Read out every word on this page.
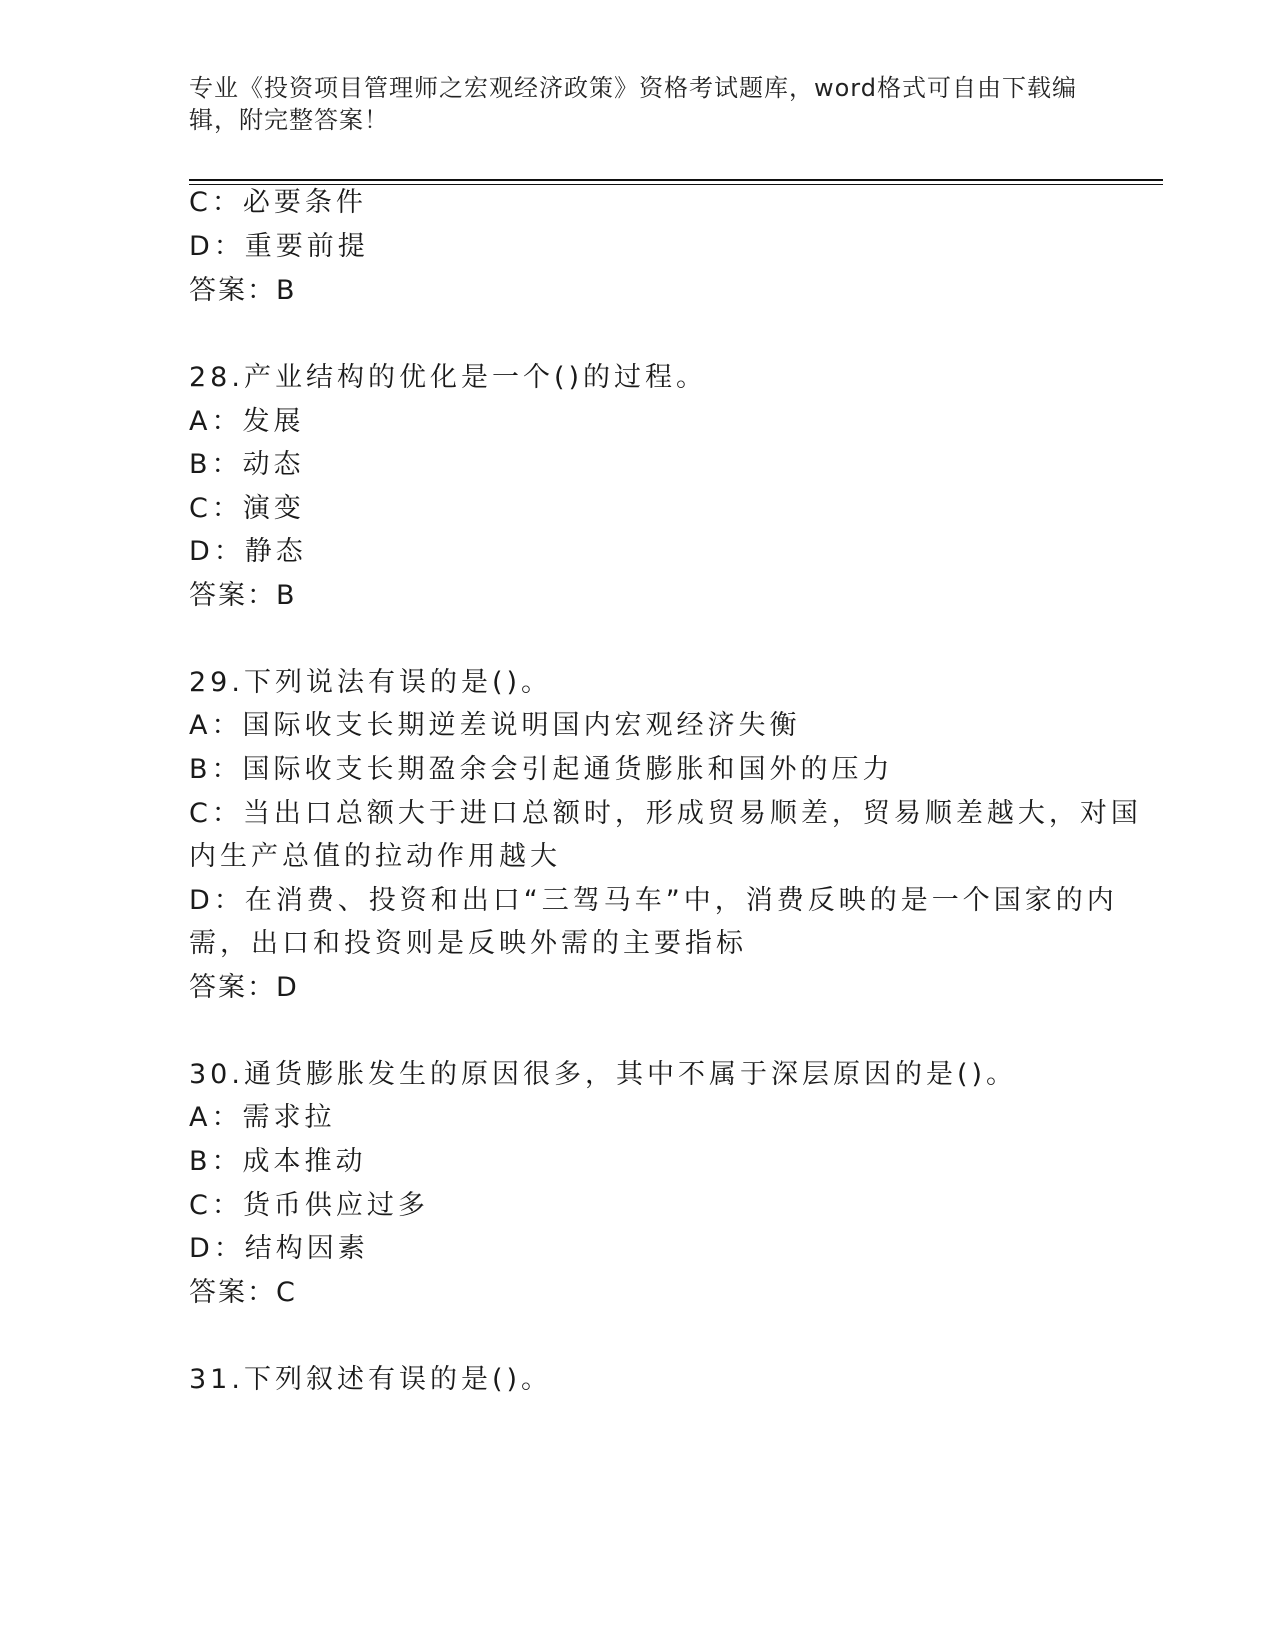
专业《投资项目管理师之宏观经济政策》资格考试题库，word格式可自由下载编
辑，附完整答案！
C：必要条件
D：重要前提
答案：B
28.产业结构的优化是一个()的过程。
A：发展
B：动态
C：演变
D：静态
答案：B
29.下列说法有误的是()。
A：国际收支长期逆差说明国内宏观经济失衡
B：国际收支长期盈余会引起通货膨胀和国外的压力
C：当出口总额大于进口总额时，形成贸易顺差，贸易顺差越大，对国
内生产总值的拉动作用越大
D：在消费、投资和出口“三驾马车”中，消费反映的是一个国家的内
需，出口和投资则是反映外需的主要指标
答案：D
30.通货膨胀发生的原因很多，其中不属于深层原因的是()。
A：需求拉
B：成本推动
C：货币供应过多
D：结构因素
答案：C
31.下列叙述有误的是()。
